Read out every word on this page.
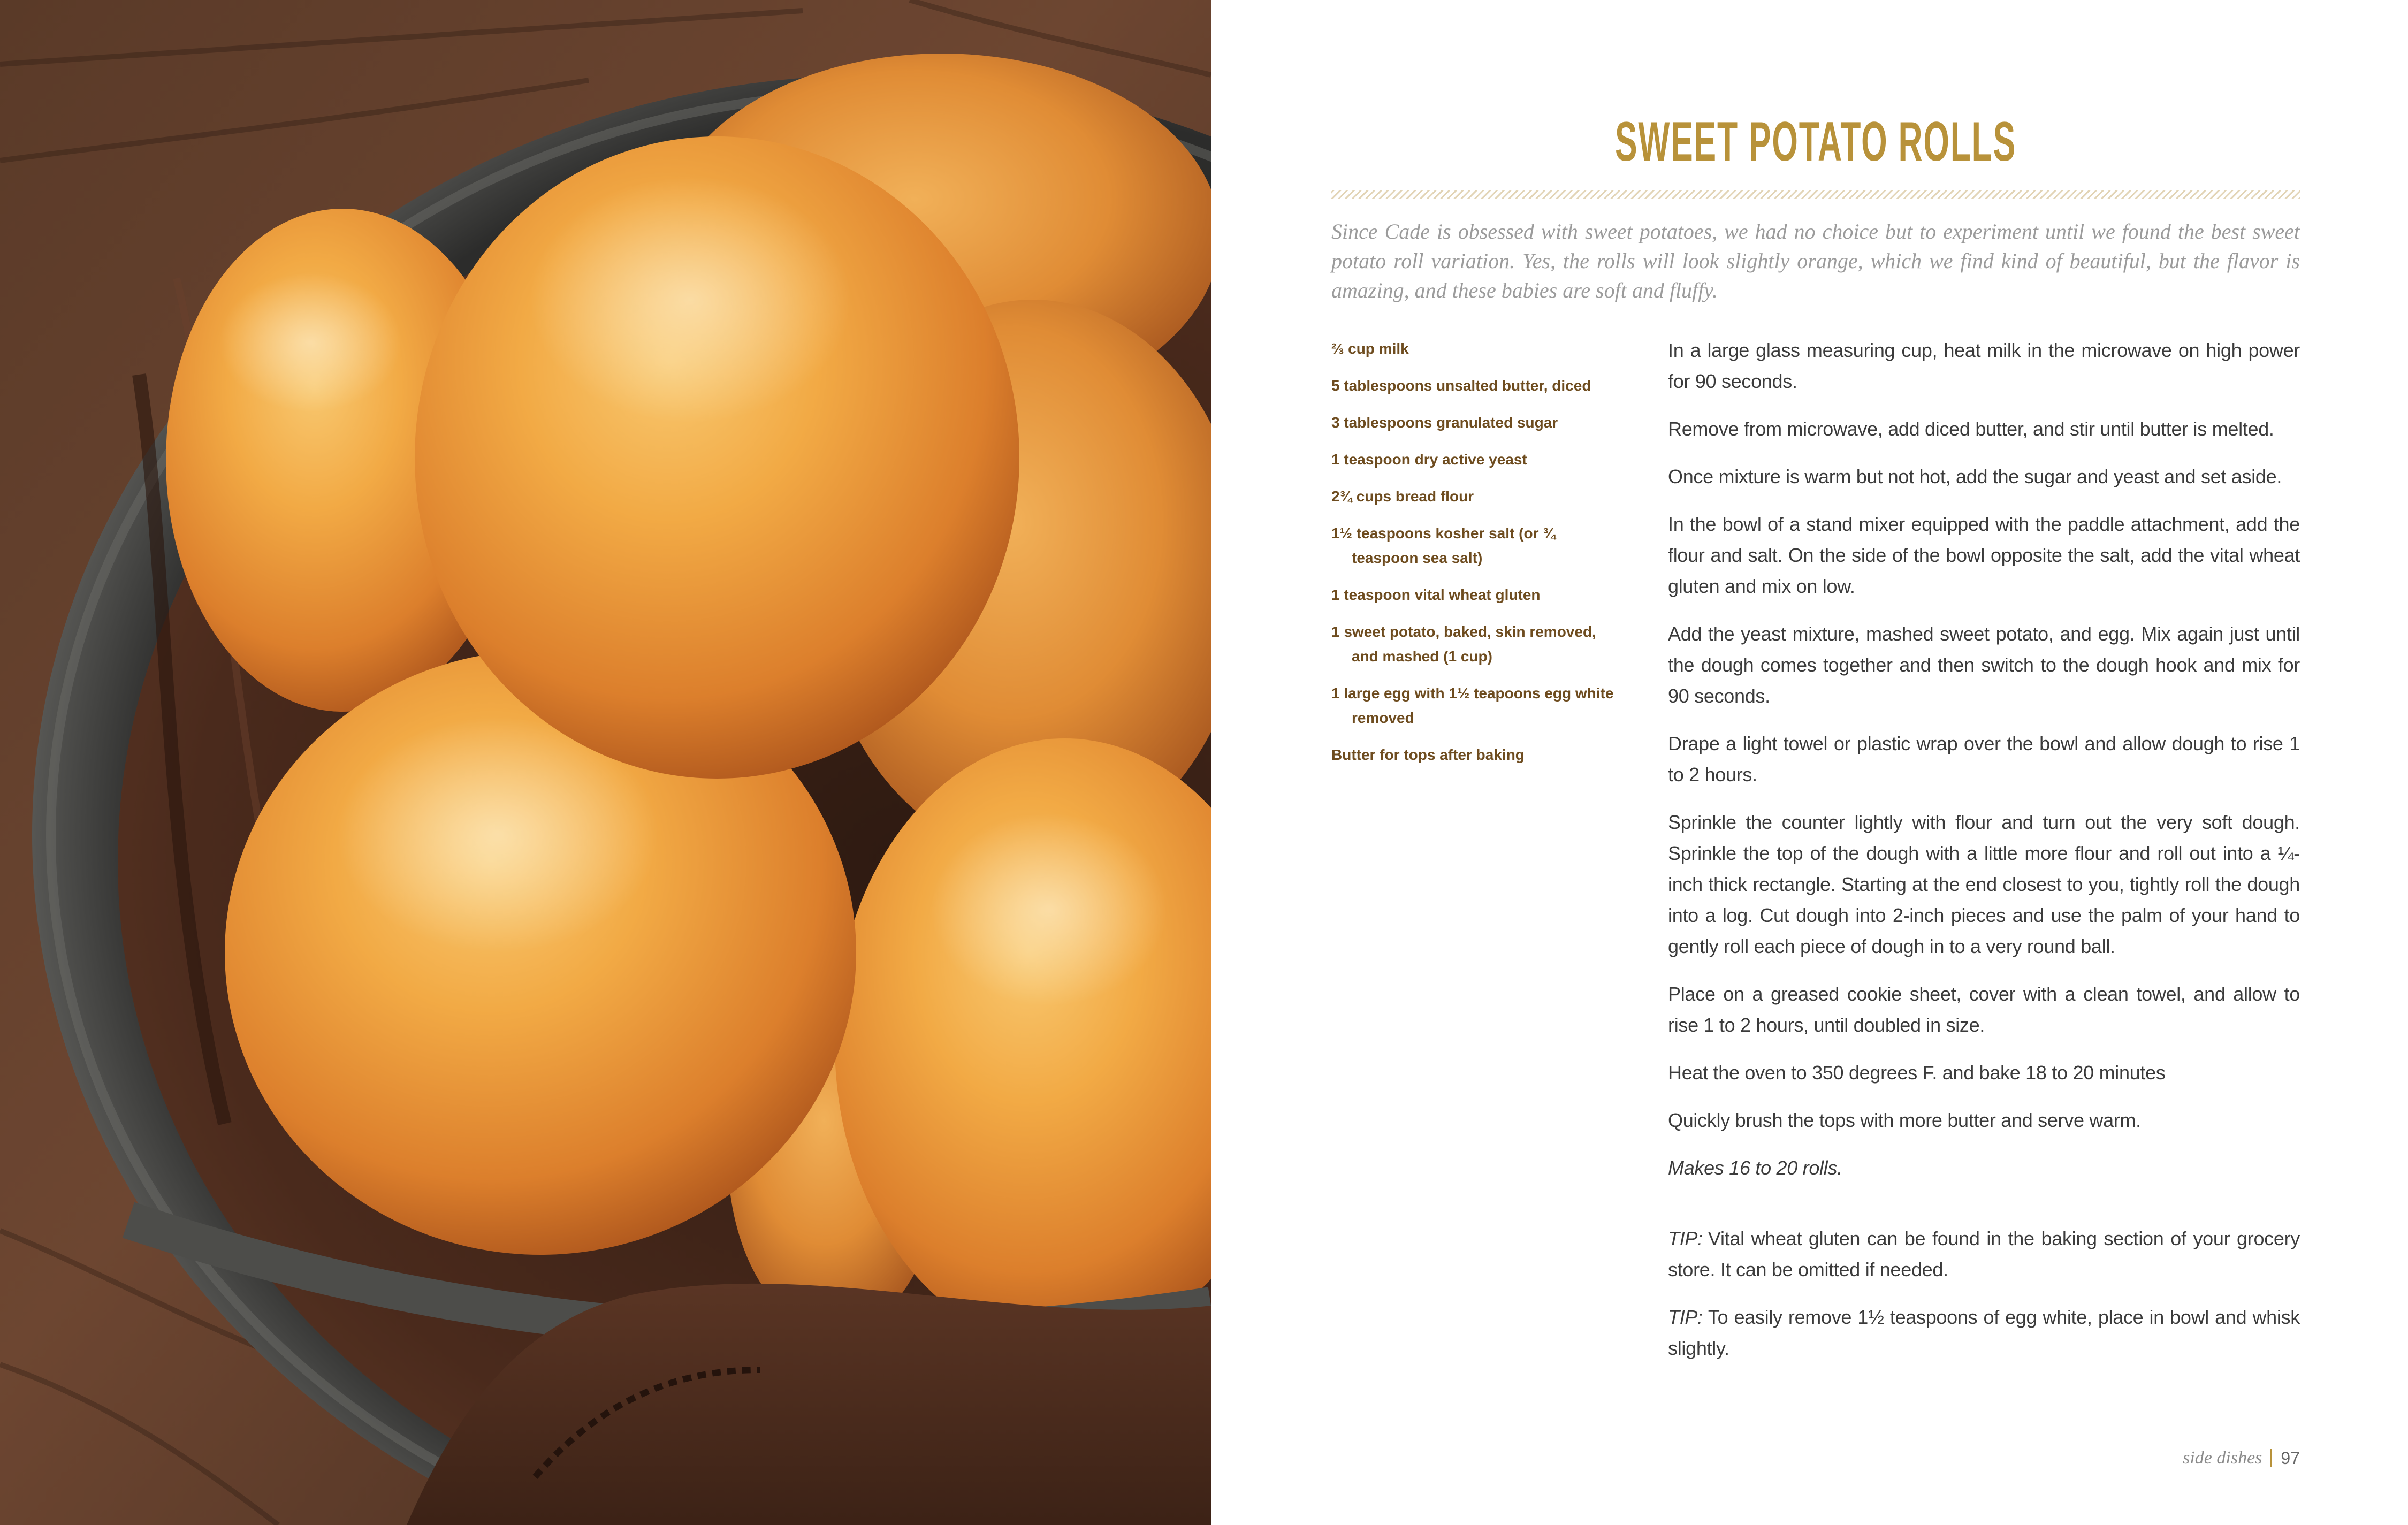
SWEET POTATO ROLLS

Since Cade is obsessed with sweet potatoes, we had no choice but to experiment until we found the best sweet potato roll variation. Yes, the rolls will look slightly orange, which we find kind of beautiful, but the flavor is amazing, and these babies are soft and fluffy.

⅔ cup milk
5 tablespoons unsalted butter, diced
3 tablespoons granulated sugar
1 teaspoon dry active yeast
2¾ cups bread flour
1½ teaspoons kosher salt (or ¾ teaspoon sea salt)
1 teaspoon vital wheat gluten
1 sweet potato, baked, skin removed, and mashed (1 cup)
1 large egg with 1½ teapoons egg white removed
Butter for tops after baking

In a large glass measuring cup, heat milk in the microwave on high power for 90 seconds.

Remove from microwave, add diced butter, and stir until butter is melted.

Once mixture is warm but not hot, add the sugar and yeast and set aside.

In the bowl of a stand mixer equipped with the paddle attachment, add the flour and salt. On the side of the bowl opposite the salt, add the vital wheat gluten and mix on low.

Add the yeast mixture, mashed sweet potato, and egg. Mix again just until the dough comes together and then switch to the dough hook and mix for 90 seconds.

Drape a light towel or plastic wrap over the bowl and allow dough to rise 1 to 2 hours.

Sprinkle the counter lightly with flour and turn out the very soft dough. Sprinkle the top of the dough with a little more flour and roll out into a ¼-inch thick rectangle. Starting at the end closest to you, tightly roll the dough into a log. Cut dough into 2-inch pieces and use the palm of your hand to gently roll each piece of dough in to a very round ball.

Place on a greased cookie sheet, cover with a clean towel, and allow to rise 1 to 2 hours, until doubled in size.

Heat the oven to 350 degrees F. and bake 18 to 20 minutes

Quickly brush the tops with more butter and serve warm.

Makes 16 to 20 rolls.

TIP: Vital wheat gluten can be found in the baking section of your grocery store. It can be omitted if needed.

TIP: To easily remove 1½ teaspoons of egg white, place in bowl and whisk slightly.

side dishes 97
